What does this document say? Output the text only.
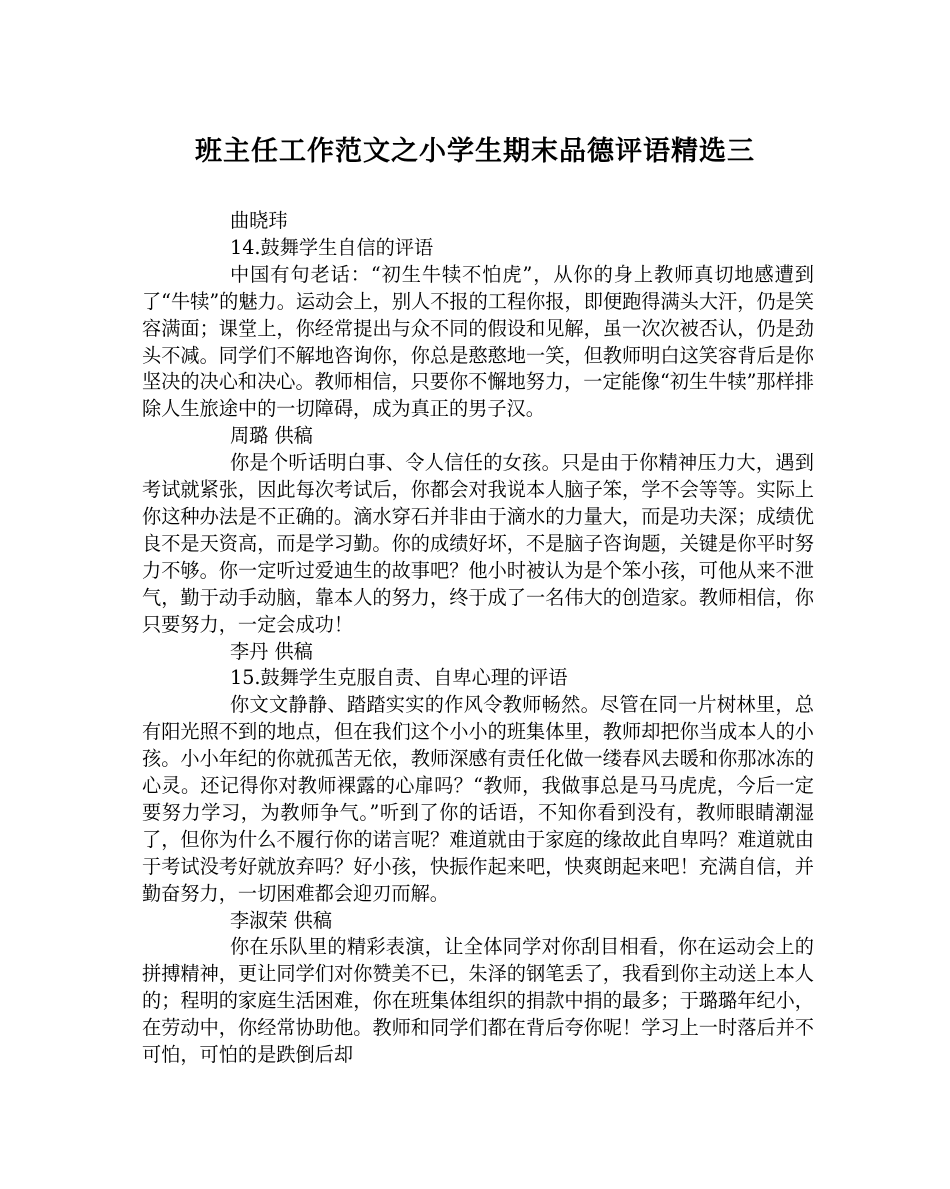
班主任工作范文之小学生期末品德评语精选三

曲晓玮

14.鼓舞学生自信的评语

中国有句老话：“初生牛犊不怕虎”，从你的身上教师真切地感遭到了“牛犊”的魅力。运动会上，别人不报的工程你报，即便跑得满头大汗，仍是笑容满面；课堂上，你经常提出与众不同的假设和见解，虽一次次被否认，仍是劲头不减。同学们不解地咨询你，你总是憨憨地一笑，但教师明白这笑容背后是你坚决的决心和决心。教师相信，只要你不懈地努力，一定能像“初生牛犊”那样排除人生旅途中的一切障碍，成为真正的男子汉。

周璐 供稿

你是个听话明白事、令人信任的女孩。只是由于你精神压力大，遇到考试就紧张，因此每次考试后，你都会对我说本人脑子笨，学不会等等。实际上你这种办法是不正确的。滴水穿石并非由于滴水的力量大，而是功夫深；成绩优良不是天资高，而是学习勤。你的成绩好坏，不是脑子咨询题，关键是你平时努力不够。你一定听过爱迪生的故事吧？他小时被认为是个笨小孩，可他从来不泄气，勤于动手动脑，靠本人的努力，终于成了一名伟大的创造家。教师相信，你只要努力，一定会成功！

李丹 供稿

15.鼓舞学生克服自责、自卑心理的评语

你文文静静、踏踏实实的作风令教师畅然。尽管在同一片树林里，总有阳光照不到的地点，但在我们这个小小的班集体里，教师却把你当成本人的小孩。小小年纪的你就孤苦无依，教师深感有责任化做一缕春风去暖和你那冰冻的心灵。还记得你对教师裸露的心扉吗？“教师，我做事总是马马虎虎，今后一定要努力学习，为教师争气。”听到了你的话语，不知你看到没有，教师眼睛潮湿了，但你为什么不履行你的诺言呢？难道就由于家庭的缘故此自卑吗？难道就由于考试没考好就放弃吗？好小孩，快振作起来吧，快爽朗起来吧！充满自信，并勤奋努力，一切困难都会迎刃而解。

李淑荣 供稿

你在乐队里的精彩表演，让全体同学对你刮目相看，你在运动会上的拼搏精神，更让同学们对你赞美不已，朱泽的钢笔丢了，我看到你主动送上本人的；程明的家庭生活困难，你在班集体组织的捐款中捐的最多；于璐璐年纪小，在劳动中，你经常协助他。教师和同学们都在背后夸你呢！学习上一时落后并不可怕，可怕的是跌倒后却
